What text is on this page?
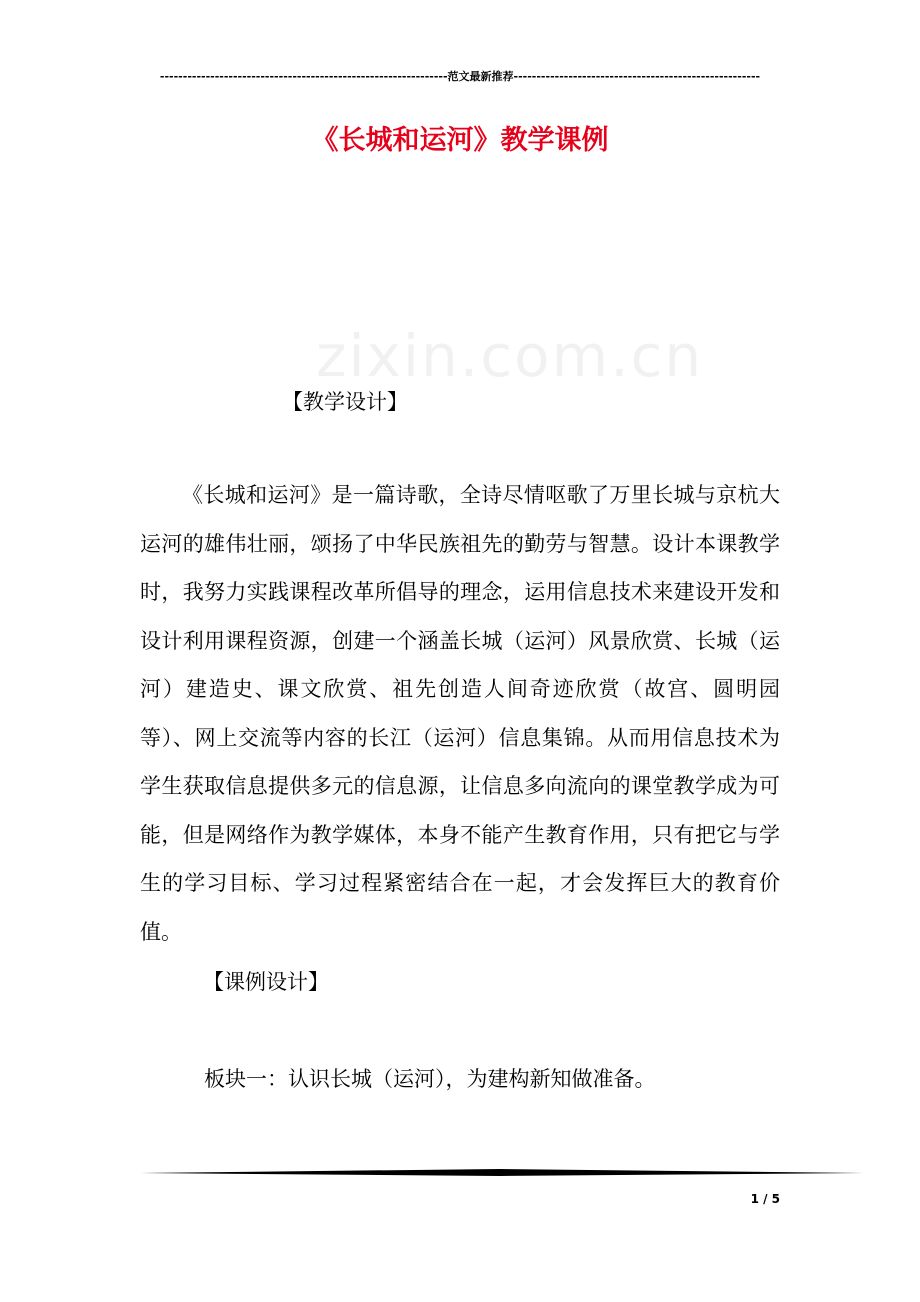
---------------------------------------------------------------范文最新推荐------------------------------------------------------
《长城和运河》教学课例
zixin.com.cn
【教学设计】

《长城和运河》是一篇诗歌，全诗尽情呕歌了万里长城与京杭大运河的雄伟壮丽，颂扬了中华民族祖先的勤劳与智慧。设计本课教学时，我努力实践课程改革所倡导的理念，运用信息技术来建设开发和设计利用课程资源，创建一个涵盖长城（运河）风景欣赏、长城（运河）建造史、课文欣赏、祖先创造人间奇迹欣赏（故宫、圆明园等）、网上交流等内容的长江（运河）信息集锦。从而用信息技术为学生获取信息提供多元的信息源，让信息多向流向的课堂教学成为可能，但是网络作为教学媒体，本身不能产生教育作用，只有把它与学生的学习目标、学习过程紧密结合在一起，才会发挥巨大的教育价值。

【课例设计】
板块一：认识长城（运河），为建构新知做准备。
1 / 5
